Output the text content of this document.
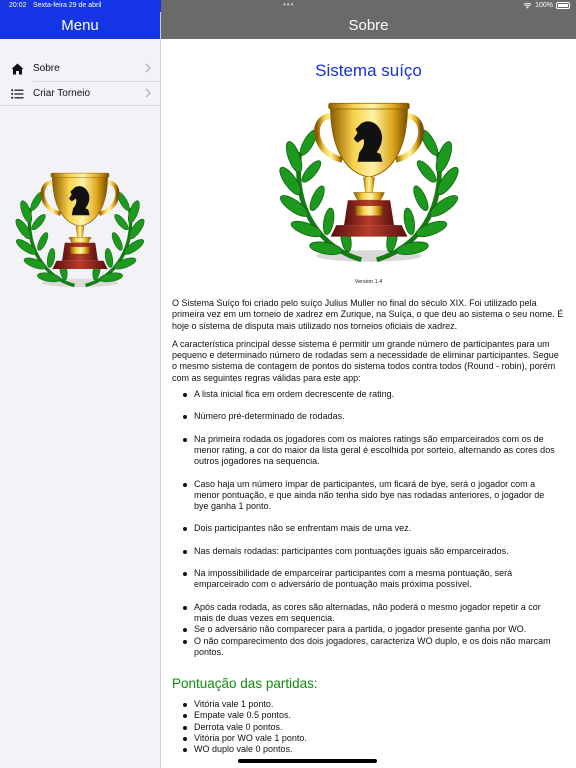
20:02 Sexta-feira 29 de abril	•••	100%
Menu
Sobre
Criar Torneio
Sobre
Sistema suíço
Version 1.4

O Sistema Suíço foi criado pelo suíço Julius Muller no final do século XIX. Foi utilizado pela primeira vez em um torneio de xadrez em Zurique, na Suíça, o que deu ao sistema o seu nome. É hoje o sistema de disputa mais utilizado nos torneios oficiais de xadrez.

A característica principal desse sistema é permitir um grande número de participantes para um pequeno e determinado número de rodadas sem a necessidade de eliminar participantes. Segue o mesmo sistema de contagem de pontos do sistema todos contra todos (Round - robin), porém com as seguintes regras válidas para este app:

A lista inicial fica em ordem decrescente de rating.
Número pré-determinado de rodadas.
Na primeira rodada os jogadores com os maiores ratings são emparceirados com os de menor rating, a cor do maior da lista geral é escolhida por sorteio, alternando as cores dos outros jogadores na sequencia.
Caso haja um número ímpar de participantes, um ficará de bye, será o jogador com a menor pontuação, e que ainda não tenha sido bye nas rodadas anteriores, o jogador de bye ganha 1 ponto.
Dois participantes não se enfrentam mais de uma vez.
Nas demais rodadas: participantes com pontuações iguais são emparceirados.
Na impossibilidade de emparceirar participantes com a mesma pontuação, será emparceirado com o adversário de pontuação mais próxima possível.
Após cada rodada, as cores são alternadas, não poderá o mesmo jogador repetir a cor mais de duas vezes em sequencia.
Se o adversário não comparecer para a partida, o jogador presente ganha por WO.
O não comparecimento dos dois jogadores, caracteriza WO duplo, e os dois não marcam pontos.
Pontuação das partidas:
Vitória vale 1 ponto.
Empate vale 0.5 pontos.
Derrota vale 0 pontos.
Vitória por WO vale 1 ponto.
WO duplo vale 0 pontos.
